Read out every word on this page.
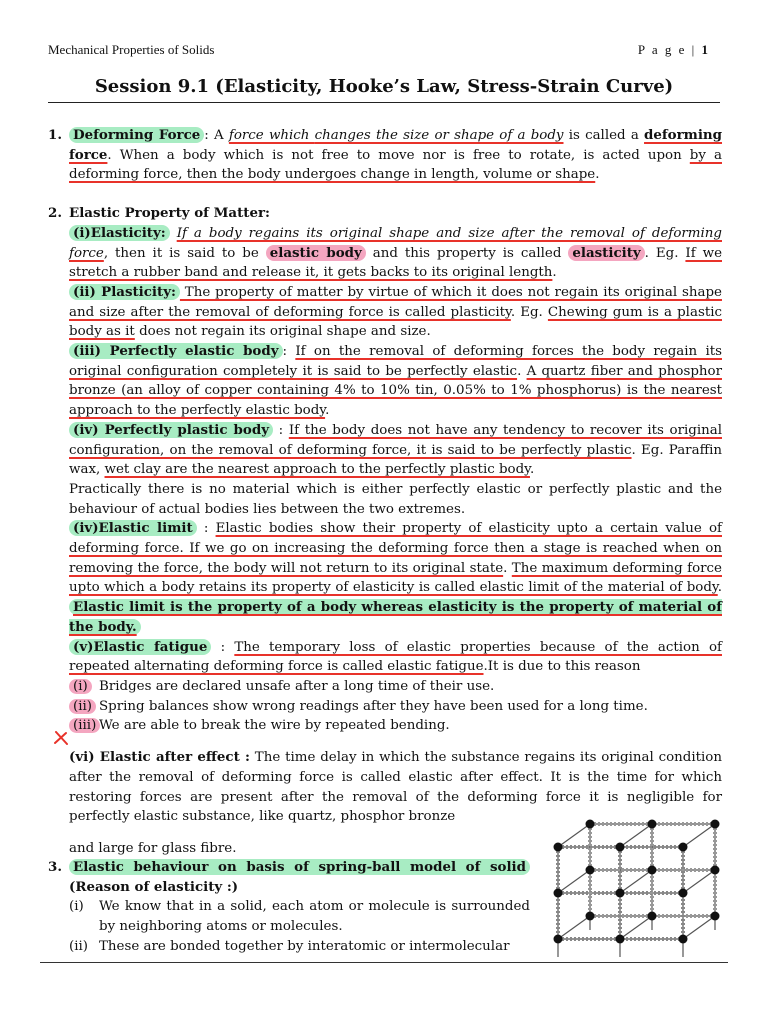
Mechanical Properties of Solids	P a g e | 1
Session 9.1 (Elasticity, Hooke’s Law, Stress-Strain Curve)
1. Deforming Force : A force which changes the size or shape of a body is called a deforming force. When a body which is not free to move nor is free to rotate, is acted upon by a deforming force, then the body undergoes change in length, volume or shape.
2. Elastic Property of Matter:
(i)Elasticity: If a body regains its original shape and size after the removal of deforming force, then it is said to be elastic body and this property is called elasticity . Eg. If we stretch a rubber band and release it, it gets backs to its original length.
(ii) Plasticity: The property of matter by virtue of which it does not regain its original shape and size after the removal of deforming force is called plasticity. Eg. Chewing gum is a plastic body as it does not regain its original shape and size.
(iii) Perfectly elastic body : If on the removal of deforming forces the body regain its original configuration completely it is said to be perfectly elastic. A quartz fiber and phosphor bronze (an alloy of copper containing 4% to 10% tin, 0.05% to 1% phosphorus) is the nearest approach to the perfectly elastic body.
(iv) Perfectly plastic body : If the body does not have any tendency to recover its original configuration, on the removal of deforming force, it is said to be perfectly plastic. Eg. Paraffin wax, wet clay are the nearest approach to the perfectly plastic body.
Practically there is no material which is either perfectly elastic or perfectly plastic and the behaviour of actual bodies lies between the two extremes.
(iv)Elastic limit : Elastic bodies show their property of elasticity upto a certain value of deforming force. If we go on increasing the deforming force then a stage is reached when on removing the force, the body will not return to its original state. The maximum deforming force upto which a body retains its property of elasticity is called elastic limit of the material of body. Elastic limit is the property of a body whereas elasticity is the property of material of the body.
(v)Elastic fatigue : The temporary loss of elastic properties because of the action of repeated alternating deforming force is called elastic fatigue.It is due to this reason
(i) Bridges are declared unsafe after a long time of their use.
(ii) Spring balances show wrong readings after they have been used for a long time.
(iii) We are able to break the wire by repeated bending.
(vi) Elastic after effect : The time delay in which the substance regains its original condition after the removal of deforming force is called elastic after effect. It is the time for which restoring forces are present after the removal of the deforming force it is negligible for perfectly elastic substance, like quartz, phosphor bronze
and large for glass fibre.
3. Elastic behaviour on basis of spring-ball model of solid (Reason of elasticity :)
(i)	We know that in a solid, each atom or molecule is surrounded by neighboring atoms or molecules.
(ii) These are bonded together by interatomic or intermolecular
